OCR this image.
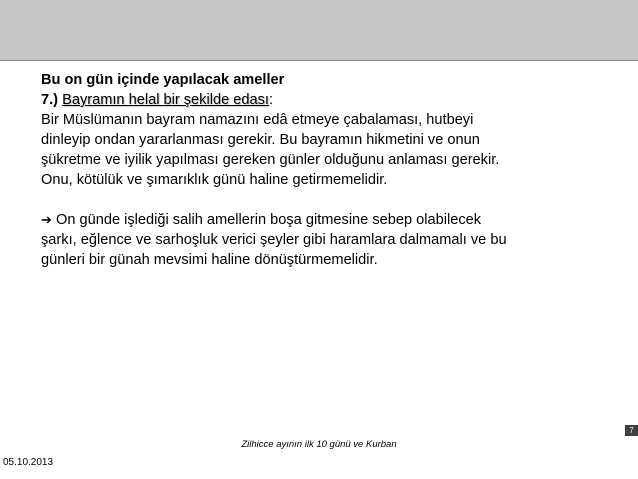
Bu on gün içinde yapılacak ameller

7.) Bayramın helal bir şekilde edası:

Bir Müslümanın bayram namazını edâ etmeye çabalaması, hutbeyi

dinleyip ondan yararlanması gerekir. Bu bayramın hikmetini ve onun

şükretme ve iyilik yapılması gereken günler olduğunu anlaması gerekir.

Onu, kötülük ve şımarıklık günü haline getirmemelidir.

➔ On günde işlediği salih amellerin boşa gitmesine sebep olabilecek

şarkı, eğlence ve sarhoşluk verici şeyler gibi haramlara dalmamalı ve bu

günleri bir günah mevsimi haline dönüştürmemelidir.

7
Zilhicce ayının ilk 10 günü ve Kurban
05.10.2013
